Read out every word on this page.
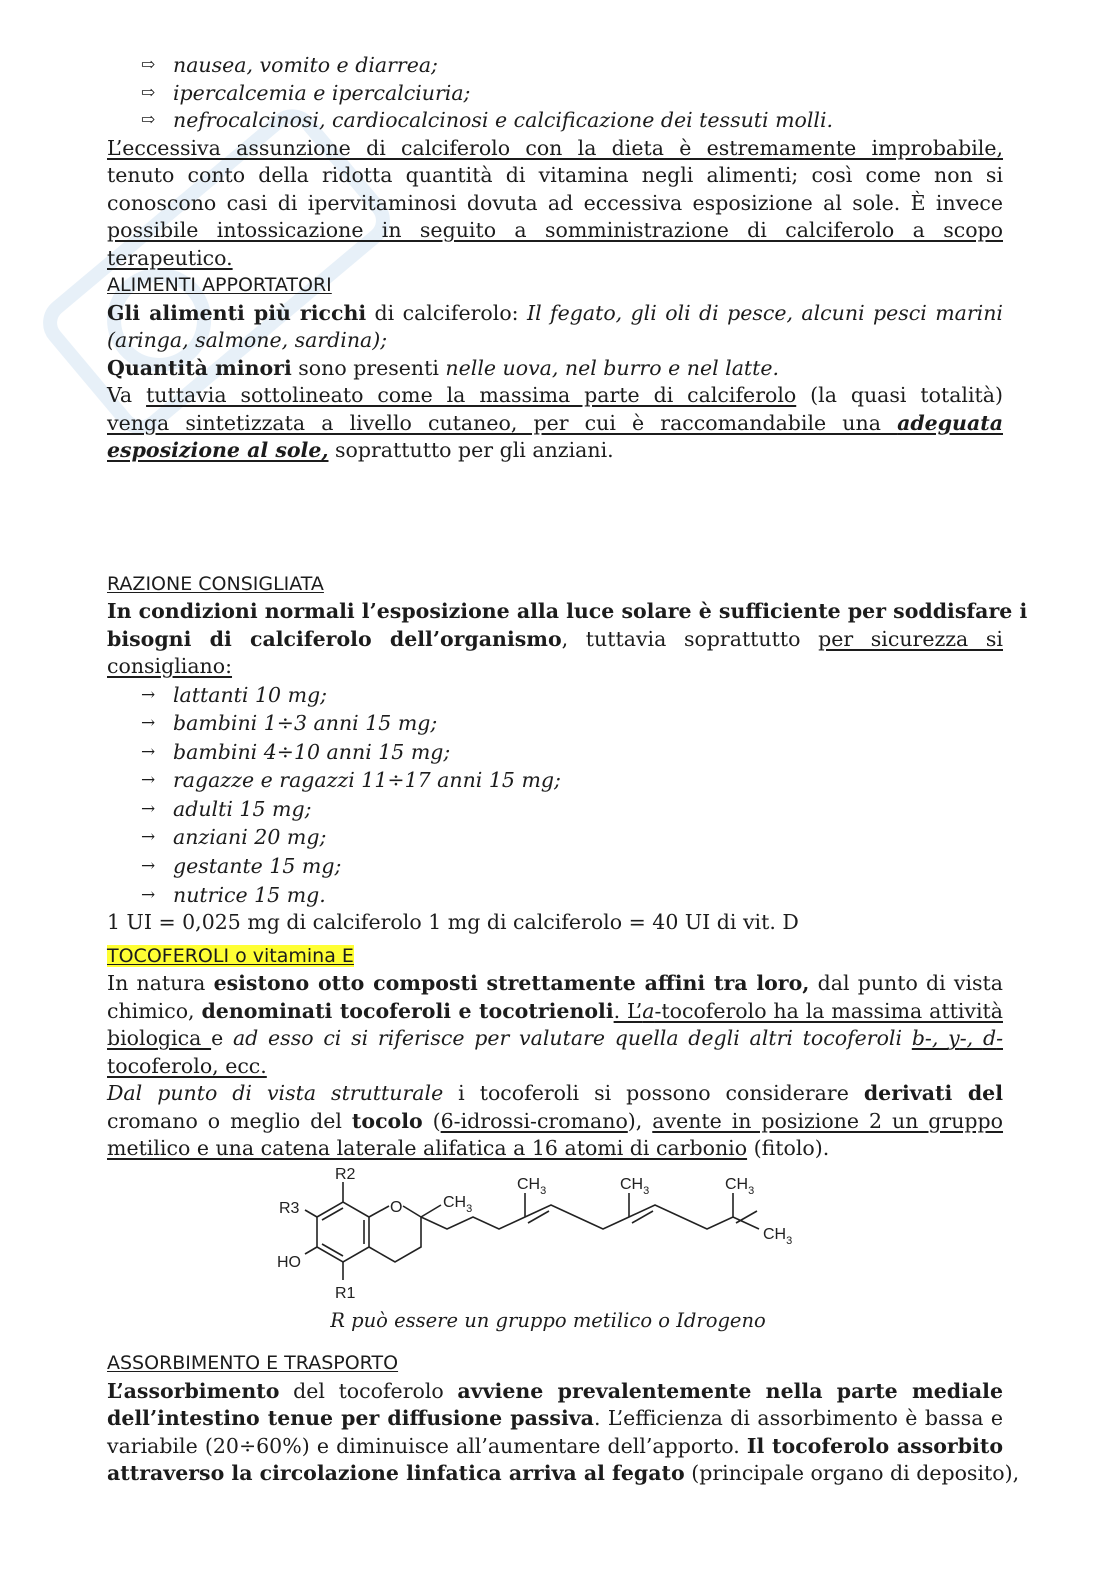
⇨ nausea, vomito e diarrea;
⇨ ipercalcemia e ipercalciuria;
⇨ nefrocalcinosi, cardiocalcinosi e calcificazione dei tessuti molli.
L’eccessiva assunzione di calciferolo con la dieta è estremamente improbabile,
tenuto conto della ridotta quantità di vitamina negli alimenti; così come non si
conoscono casi di ipervitaminosi dovuta ad eccessiva esposizione al sole. È invece
possibile intossicazione in seguito a somministrazione di calciferolo a scopo
terapeutico.
ALIMENTI APPORTATORI
Gli alimenti più ricchi di calciferolo: Il fegato, gli oli di pesce, alcuni pesci marini
(aringa, salmone, sardina);
Quantità minori sono presenti nelle uova, nel burro e nel latte.
Va tuttavia sottolineato come la massima parte di calciferolo (la quasi totalità)
venga sintetizzata a livello cutaneo, per cui è raccomandabile una adeguata
esposizione al sole, soprattutto per gli anziani.
RAZIONE CONSIGLIATA
In condizioni normali l’esposizione alla luce solare è sufficiente per soddisfare i
bisogni di calciferolo dell’organismo, tuttavia soprattutto per sicurezza si
consigliano:
→ lattanti 10 mg;
→ bambini 1÷3 anni 15 mg;
→ bambini 4÷10 anni 15 mg;
→ ragazze e ragazzi 11÷17 anni 15 mg;
→ adulti 15 mg;
→ anziani 20 mg;
→ gestante 15 mg;
→ nutrice 15 mg.
1 UI = 0,025 mg di calciferolo 1 mg di calciferolo = 40 UI di vit. D
TOCOFEROLI o vitamina E
In natura esistono otto composti strettamente affini tra loro, dal punto di vista
chimico, denominati tocoferoli e tocotrienoli. L’a-tocoferolo ha la massima attività
biologica e ad esso ci si riferisce per valutare quella degli altri tocoferoli b-, y-, d-
tocoferolo, ecc.
Dal punto di vista strutturale i tocoferoli si possono considerare derivati del
cromano o meglio del tocolo (6-idrossi-cromano), avente in posizione 2 un gruppo
metilico e una catena laterale alifatica a 16 atomi di carbonio (fitolo).
R2
R3
HO
R1
O	$CH_3$
$CH_3$	$CH_3$	$CH_3$
$CH_3$
R può essere un gruppo metilico o Idrogeno
ASSORBIMENTO E TRASPORTO
L’assorbimento del tocoferolo avviene prevalentemente nella parte mediale
dell’intestino tenue per diffusione passiva. L’efficienza di assorbimento è bassa e
variabile (20÷60%) e diminuisce all’aumentare dell’apporto. Il tocoferolo assorbito
attraverso la circolazione linfatica arriva al fegato (principale organo di deposito),
